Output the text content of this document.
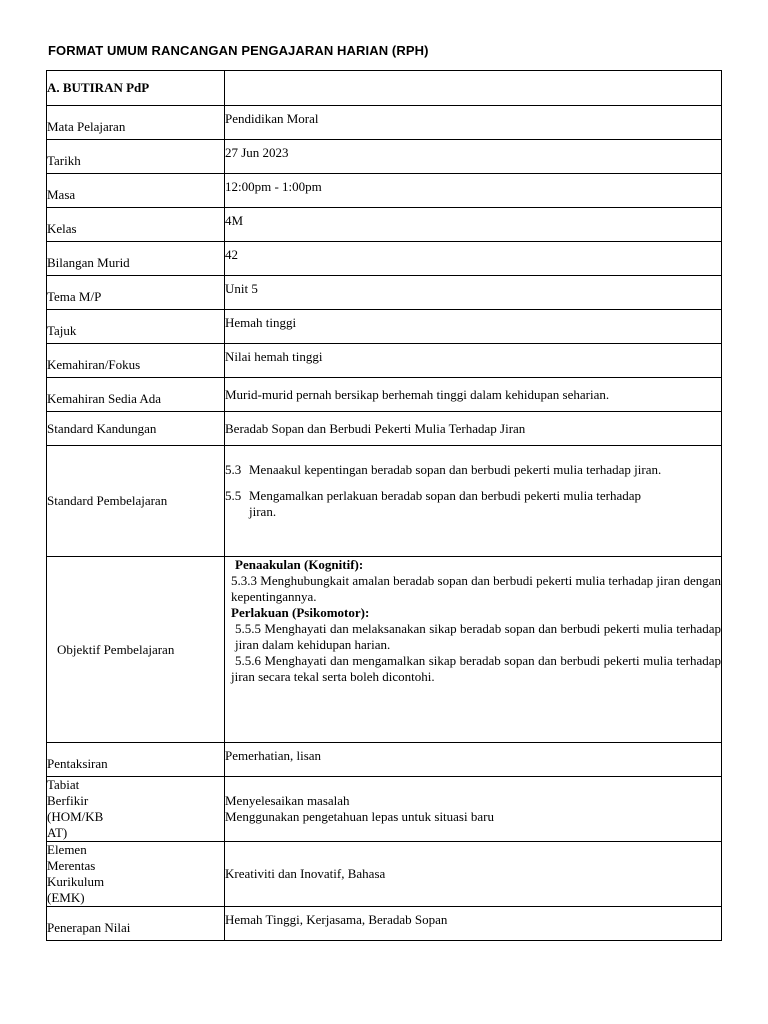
FORMAT UMUM RANCANGAN PENGAJARAN HARIAN (RPH)
A. BUTIRAN PdP	

Mata Pelajaran	Pendidikan Moral

Tarikh	27 Jun 2023

Masa	12:00pm - 1:00pm

Kelas	4M

Bilangan Murid	42

Tema M/P	Unit 5

Tajuk	Hemah tinggi

Kemahiran/Fokus	Nilai hemah tinggi

Kemahiran Sedia Ada	Murid-murid pernah bersikap berhemah tinggi dalam kehidupan seharian.

Standard Kandungan	Beradab Sopan dan Berbudi Pekerti Mulia Terhadap Jiran

Standard Pembelajaran	5.3 Menaakul kepentingan beradab sopan dan berbudi pekerti mulia terhadap jiran.
5.5 Mengamalkan perlakuan beradab sopan dan berbudi pekerti mulia terhadap jiran.

Objektif Pembelajaran	Penaakulan (Kognitif):
5.3.3 Menghubungkait amalan beradab sopan dan berbudi pekerti mulia terhadap jiran dengan kepentingannya.
Perlakuan (Psikomotor):
5.5.5 Menghayati dan melaksanakan sikap beradab sopan dan berbudi pekerti mulia terhadap jiran dalam kehidupan harian.
5.5.6 Menghayati dan mengamalkan sikap beradab sopan dan berbudi pekerti mulia terhadap jiran secara tekal serta boleh dicontohi.

Pentaksiran	Pemerhatian, lisan

Tabiat
Berfikir
(HOM/KB
AT)	Menyelesaikan masalah
Menggunakan pengetahuan lepas untuk situasi baru

Elemen
Merentas
Kurikulum
(EMK)	Kreativiti dan Inovatif, Bahasa

Penerapan Nilai	Hemah Tinggi, Kerjasama, Beradab Sopan
